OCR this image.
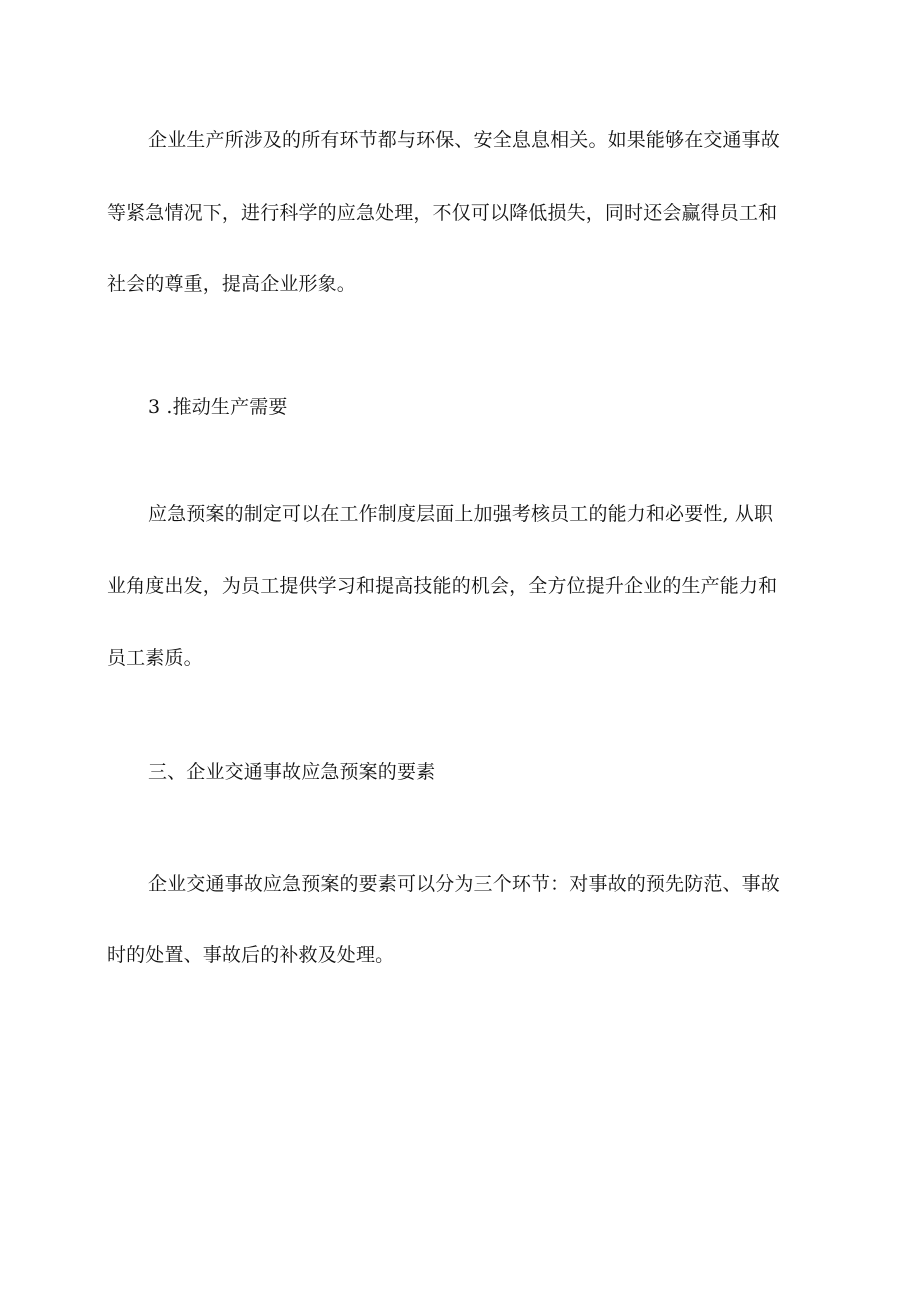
企业生产所涉及的所有环节都与环保、安全息息相关。如果能够在交通事故

等紧急情况下，进行科学的应急处理，不仅可以降低损失，同时还会赢得员工和

社会的尊重，提高企业形象。

3 .推动生产需要

应急预案的制定可以在工作制度层面上加强考核员工的能力和必要性, 从职

业角度出发，为员工提供学习和提高技能的机会，全方位提升企业的生产能力和

员工素质。

三、企业交通事故应急预案的要素

企业交通事故应急预案的要素可以分为三个环节：对事故的预先防范、事故

时的处置、事故后的补救及处理。
